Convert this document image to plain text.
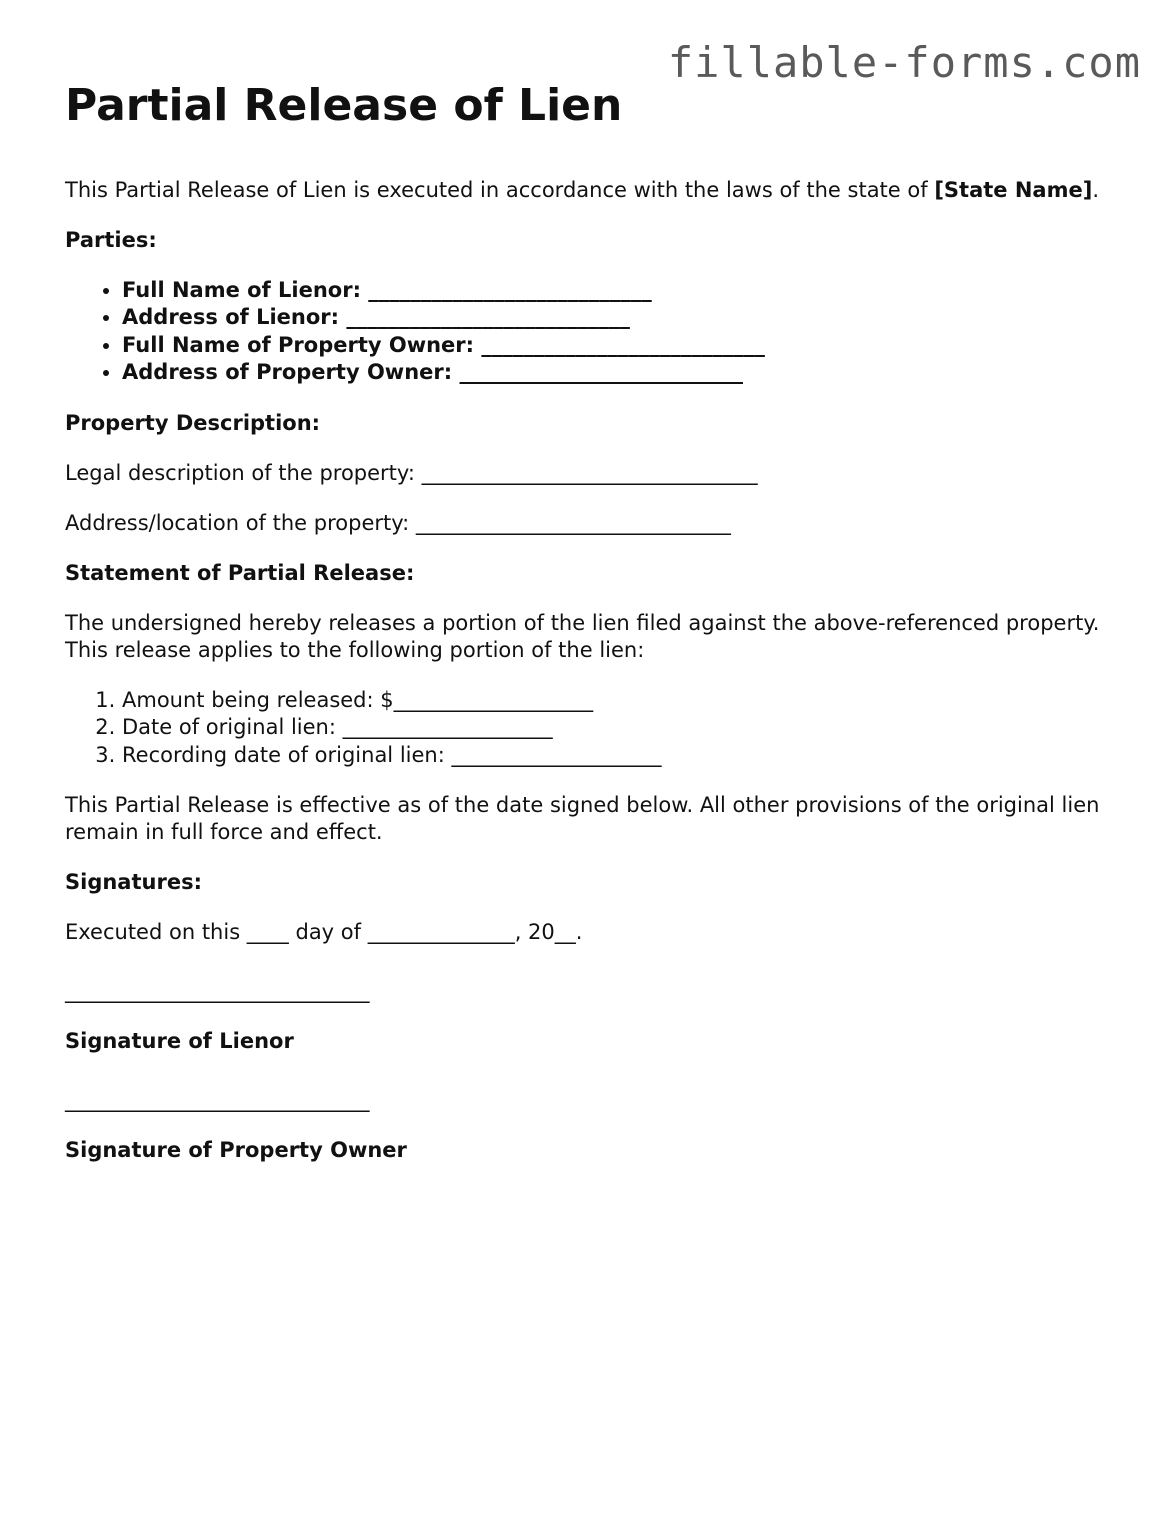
fillable-forms.com
Partial Release of Lien

This Partial Release of Lien is executed in accordance with the laws of the state of [State Name].

Parties:

• Full Name of Lienor: ___________________________
• Address of Lienor: ___________________________
• Full Name of Property Owner: ___________________________
• Address of Property Owner: ___________________________

Property Description:

Legal description of the property: ________________________________

Address/location of the property: ______________________________

Statement of Partial Release:

The undersigned hereby releases a portion of the lien filed against the above-referenced property. This release applies to the following portion of the lien:

1. Amount being released: $___________________
2. Date of original lien: ____________________
3. Recording date of original lien: ____________________

This Partial Release is effective as of the date signed below. All other provisions of the original lien remain in full force and effect.

Signatures:

Executed on this ____ day of ______________, 20__.

_____________________________

Signature of Lienor

_____________________________

Signature of Property Owner
